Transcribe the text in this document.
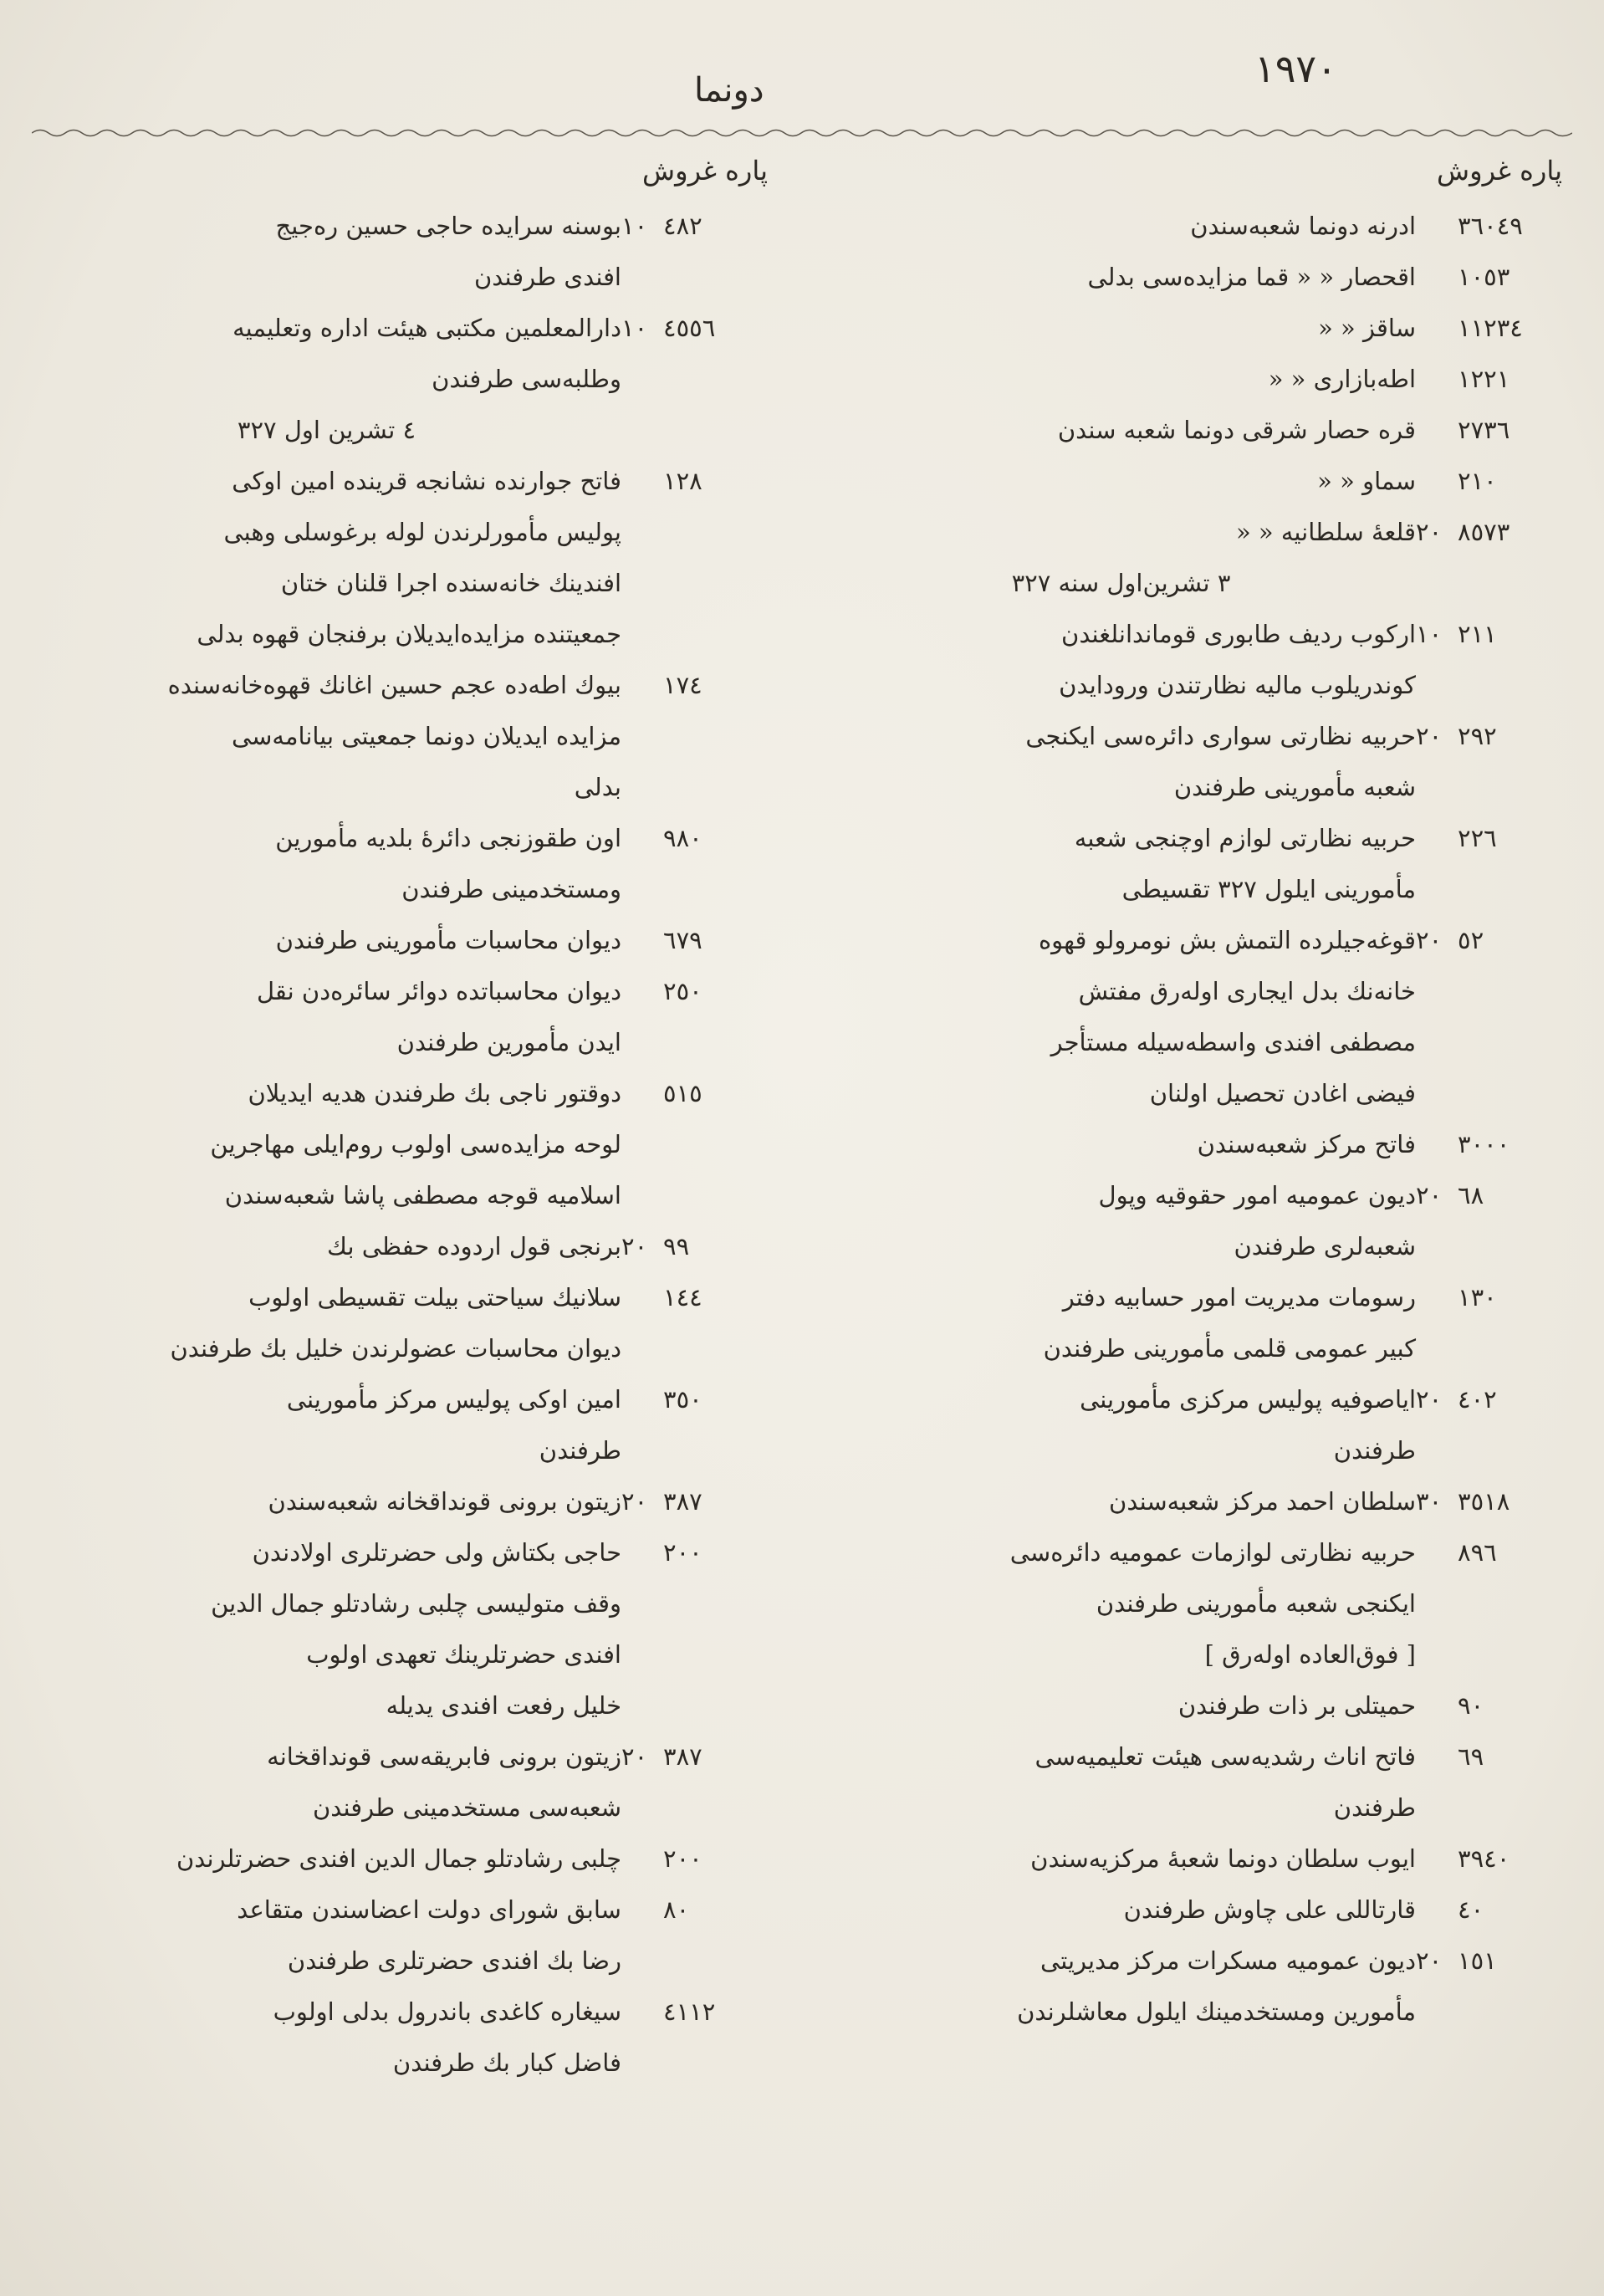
١٩٧٠
دونما
پاره غروش
پاره غروش
٣٦٠٤٩
ادرنه دونما شعبه‌سندن
١٠٥٣
اقحصار « « قما مزایده‌سی بدلی
١١٢٣٤
ساقز « «
١٢٢١
اطه‌بازاری « «
٢٧٣٦
قره حصار شرقی دونما شعبه سندن
٢١٠
سماو « «
٨٥٧٣٢٠
قلعهٔ سلطانیه « «
٣ تشرین‌اول سنه ٣٢٧
٢١١١٠
ارکوب ردیف طابوری قوماندانلغندن
کوندریلوب مالیه نظارتندن ورودایدن
٢٩٢٢٠
حربیه نظارتی سواری دائره‌سی ایکنجی
شعبه مأمورینی طرفندن
٢٢٦
حربیه نظارتی لوازم اوچنجی شعبه
مأمورینی ایلول ٣٢٧ تقسیطی
٥٢٢٠
قوغه‌جیلرده التمش بش نومرولو قهوه
خانه‌نك بدل ایجاری اولەرق مفتش
مصطفی افندی واسطه‌سیله مستأجر
فیضی اغادن تحصیل اولنان
٣٠٠٠
فاتح مرکز شعبه‌سندن
٦٨٢٠
دیون عمومیه امور حقوقیه وپول
شعبه‌لری طرفندن
١٣٠
رسومات مدیریت امور حسابیه دفتر
کبیر عمومی قلمی مأمورینی طرفندن
٤٠٢٢٠
ایاصوفیه پولیس مرکزی مأمورینی
طرفندن
٣٥١٨٣٠
سلطان احمد مرکز شعبه‌سندن
٨٩٦
حربیه نظارتی لوازمات عمومیه دائره‌سی
ایکنجی شعبه مأمورینی طرفندن
[ فوق‌العاده اولەرق ]
٩٠
حمیتلی بر ذات طرفندن
٦٩
فاتح اناث رشدیه‌سی هیئت تعلیمیه‌سی
طرفندن
٣٩٤٠
ایوب سلطان دونما شعبهٔ مرکزیه‌سندن
٤٠
قارتاللی علی چاوش طرفندن
١٥١٢٠
دیون عمومیه مسکرات مرکز مدیریتی
مأمورین ومستخدمینك ایلول معاشلرندن
٤٨٢١٠
بوسنه سرایده حاجی حسین رەجیج
افندی طرفندن
٤٥٥٦١٠
دارالمعلمین مکتبی هیئت اداره وتعلیمیه
وطلبه‌سی طرفندن
٤ تشرین اول ٣٢٧
١٢٨
فاتح جوارنده نشانجه قرینده امین اوکی
پولیس مأمورلرندن لوله برغوسلی وهبی
افندینك خانه‌سنده اجرا قلنان ختان
جمعیتنده مزایده‌ایدیلان برفنجان قهوه بدلی
١٧٤
بیوك اطه‌ده عجم حسین اغانك قهوه‌خانه‌سنده
مزایده ایدیلان دونما جمعیتی بیانامه‌سی
بدلی
٩٨٠
اون طقوزنجی دائرهٔ بلدیه مأمورین
ومستخدمینی طرفندن
٦٧٩
دیوان محاسبات مأمورینی طرفندن
٢٥٠
دیوان محاسباتده دوائر سائره‌دن نقل
ایدن مأمورین طرفندن
٥١٥
دوقتور ناجی بك طرفندن هدیه ایدیلان
لوحه مزایده‌سی اولوب روم‌ایلی مهاجرین
اسلامیه قوجه مصطفی پاشا شعبه‌سندن
٩٩٢٠
برنجی قول اردوده حفظی بك
١٤٤
سلانیك سیاحتی بیلت تقسیطی اولوب
دیوان محاسبات عضولرندن خلیل بك طرفندن
٣٥٠
امین اوکی پولیس مرکز مأمورینی
طرفندن
٣٨٧٢٠
زیتون برونی قونداقخانه شعبه‌سندن
٢٠٠
حاجی بکتاش ولی حضرتلری اولادندن
وقف متولیسی چلبی رشادتلو جمال الدین
افندی حضرتلرینك تعهدی اولوب
خلیل رفعت افندی یدیله
٣٨٧٢٠
زیتون برونی فابریقه‌سی قونداقخانه
شعبه‌سی مستخدمینی طرفندن
٢٠٠
چلبی رشادتلو جمال الدین افندی حضرتلرندن
٨٠
سابق شورای دولت اعضاسندن متقاعد
رضا بك افندی حضرتلری طرفندن
٤١١٢
سیغاره کاغدی باندرول بدلی اولوب
فاضل کبار بك طرفندن
